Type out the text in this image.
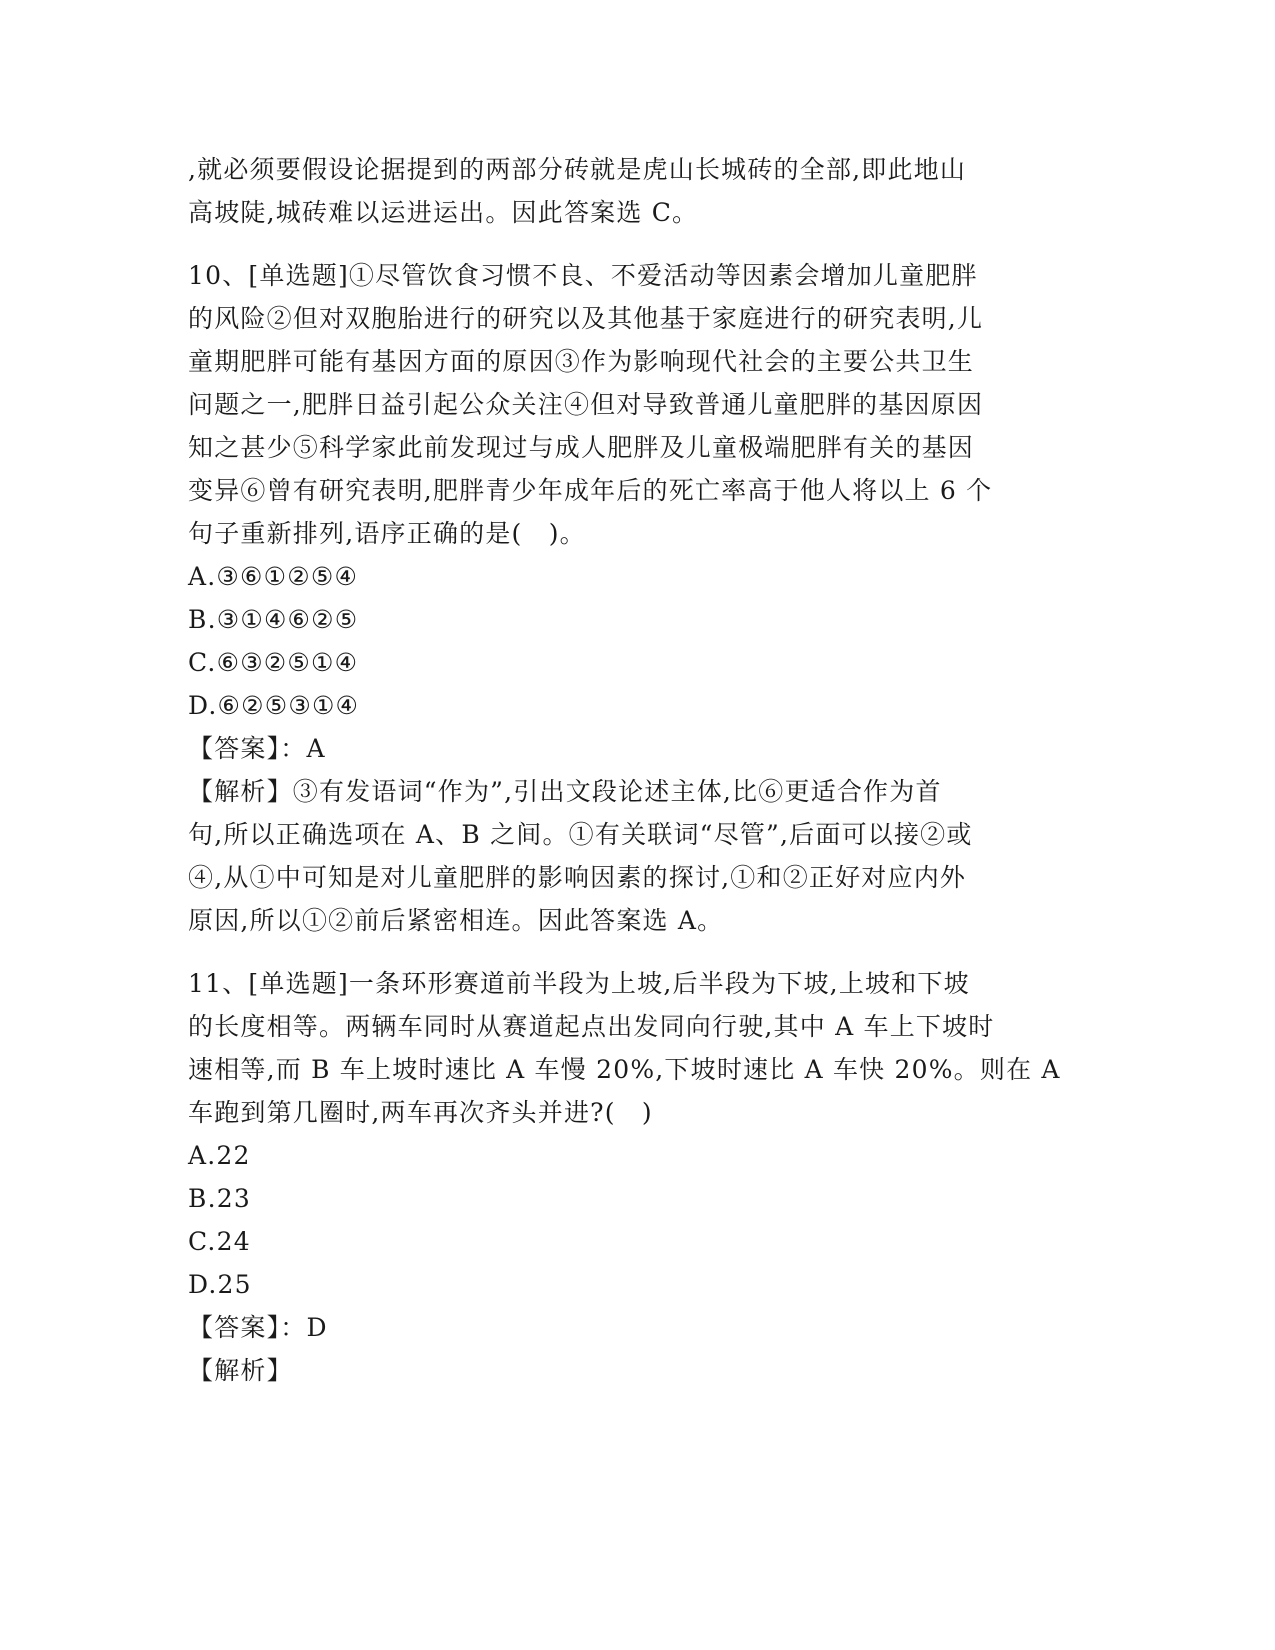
,就必须要假设论据提到的两部分砖就是虎山长城砖的全部,即此地山
高坡陡,城砖难以运进运出。因此答案选 C。
10、[单选题]①尽管饮食习惯不良、不爱活动等因素会增加儿童肥胖
的风险②但对双胞胎进行的研究以及其他基于家庭进行的研究表明,儿
童期肥胖可能有基因方面的原因③作为影响现代社会的主要公共卫生
问题之一,肥胖日益引起公众关注④但对导致普通儿童肥胖的基因原因
知之甚少⑤科学家此前发现过与成人肥胖及儿童极端肥胖有关的基因
变异⑥曾有研究表明,肥胖青少年成年后的死亡率高于他人将以上 6 个
句子重新排列,语序正确的是(　)。
A.③⑥①②⑤④
B.③①④⑥②⑤
C.⑥③②⑤①④
D.⑥②⑤③①④
【答案】：A
【解析】③有发语词“作为”,引出文段论述主体,比⑥更适合作为首
句,所以正确选项在 A、B 之间。①有关联词“尽管”,后面可以接②或
④,从①中可知是对儿童肥胖的影响因素的探讨,①和②正好对应内外
原因,所以①②前后紧密相连。因此答案选 A。
11、[单选题]一条环形赛道前半段为上坡,后半段为下坡,上坡和下坡
的长度相等。两辆车同时从赛道起点出发同向行驶,其中 A 车上下坡时
速相等,而 B 车上坡时速比 A 车慢 20%,下坡时速比 A 车快 20%。则在 A
车跑到第几圈时,两车再次齐头并进?(　)
A.22
B.23
C.24
D.25
【答案】：D
【解析】
